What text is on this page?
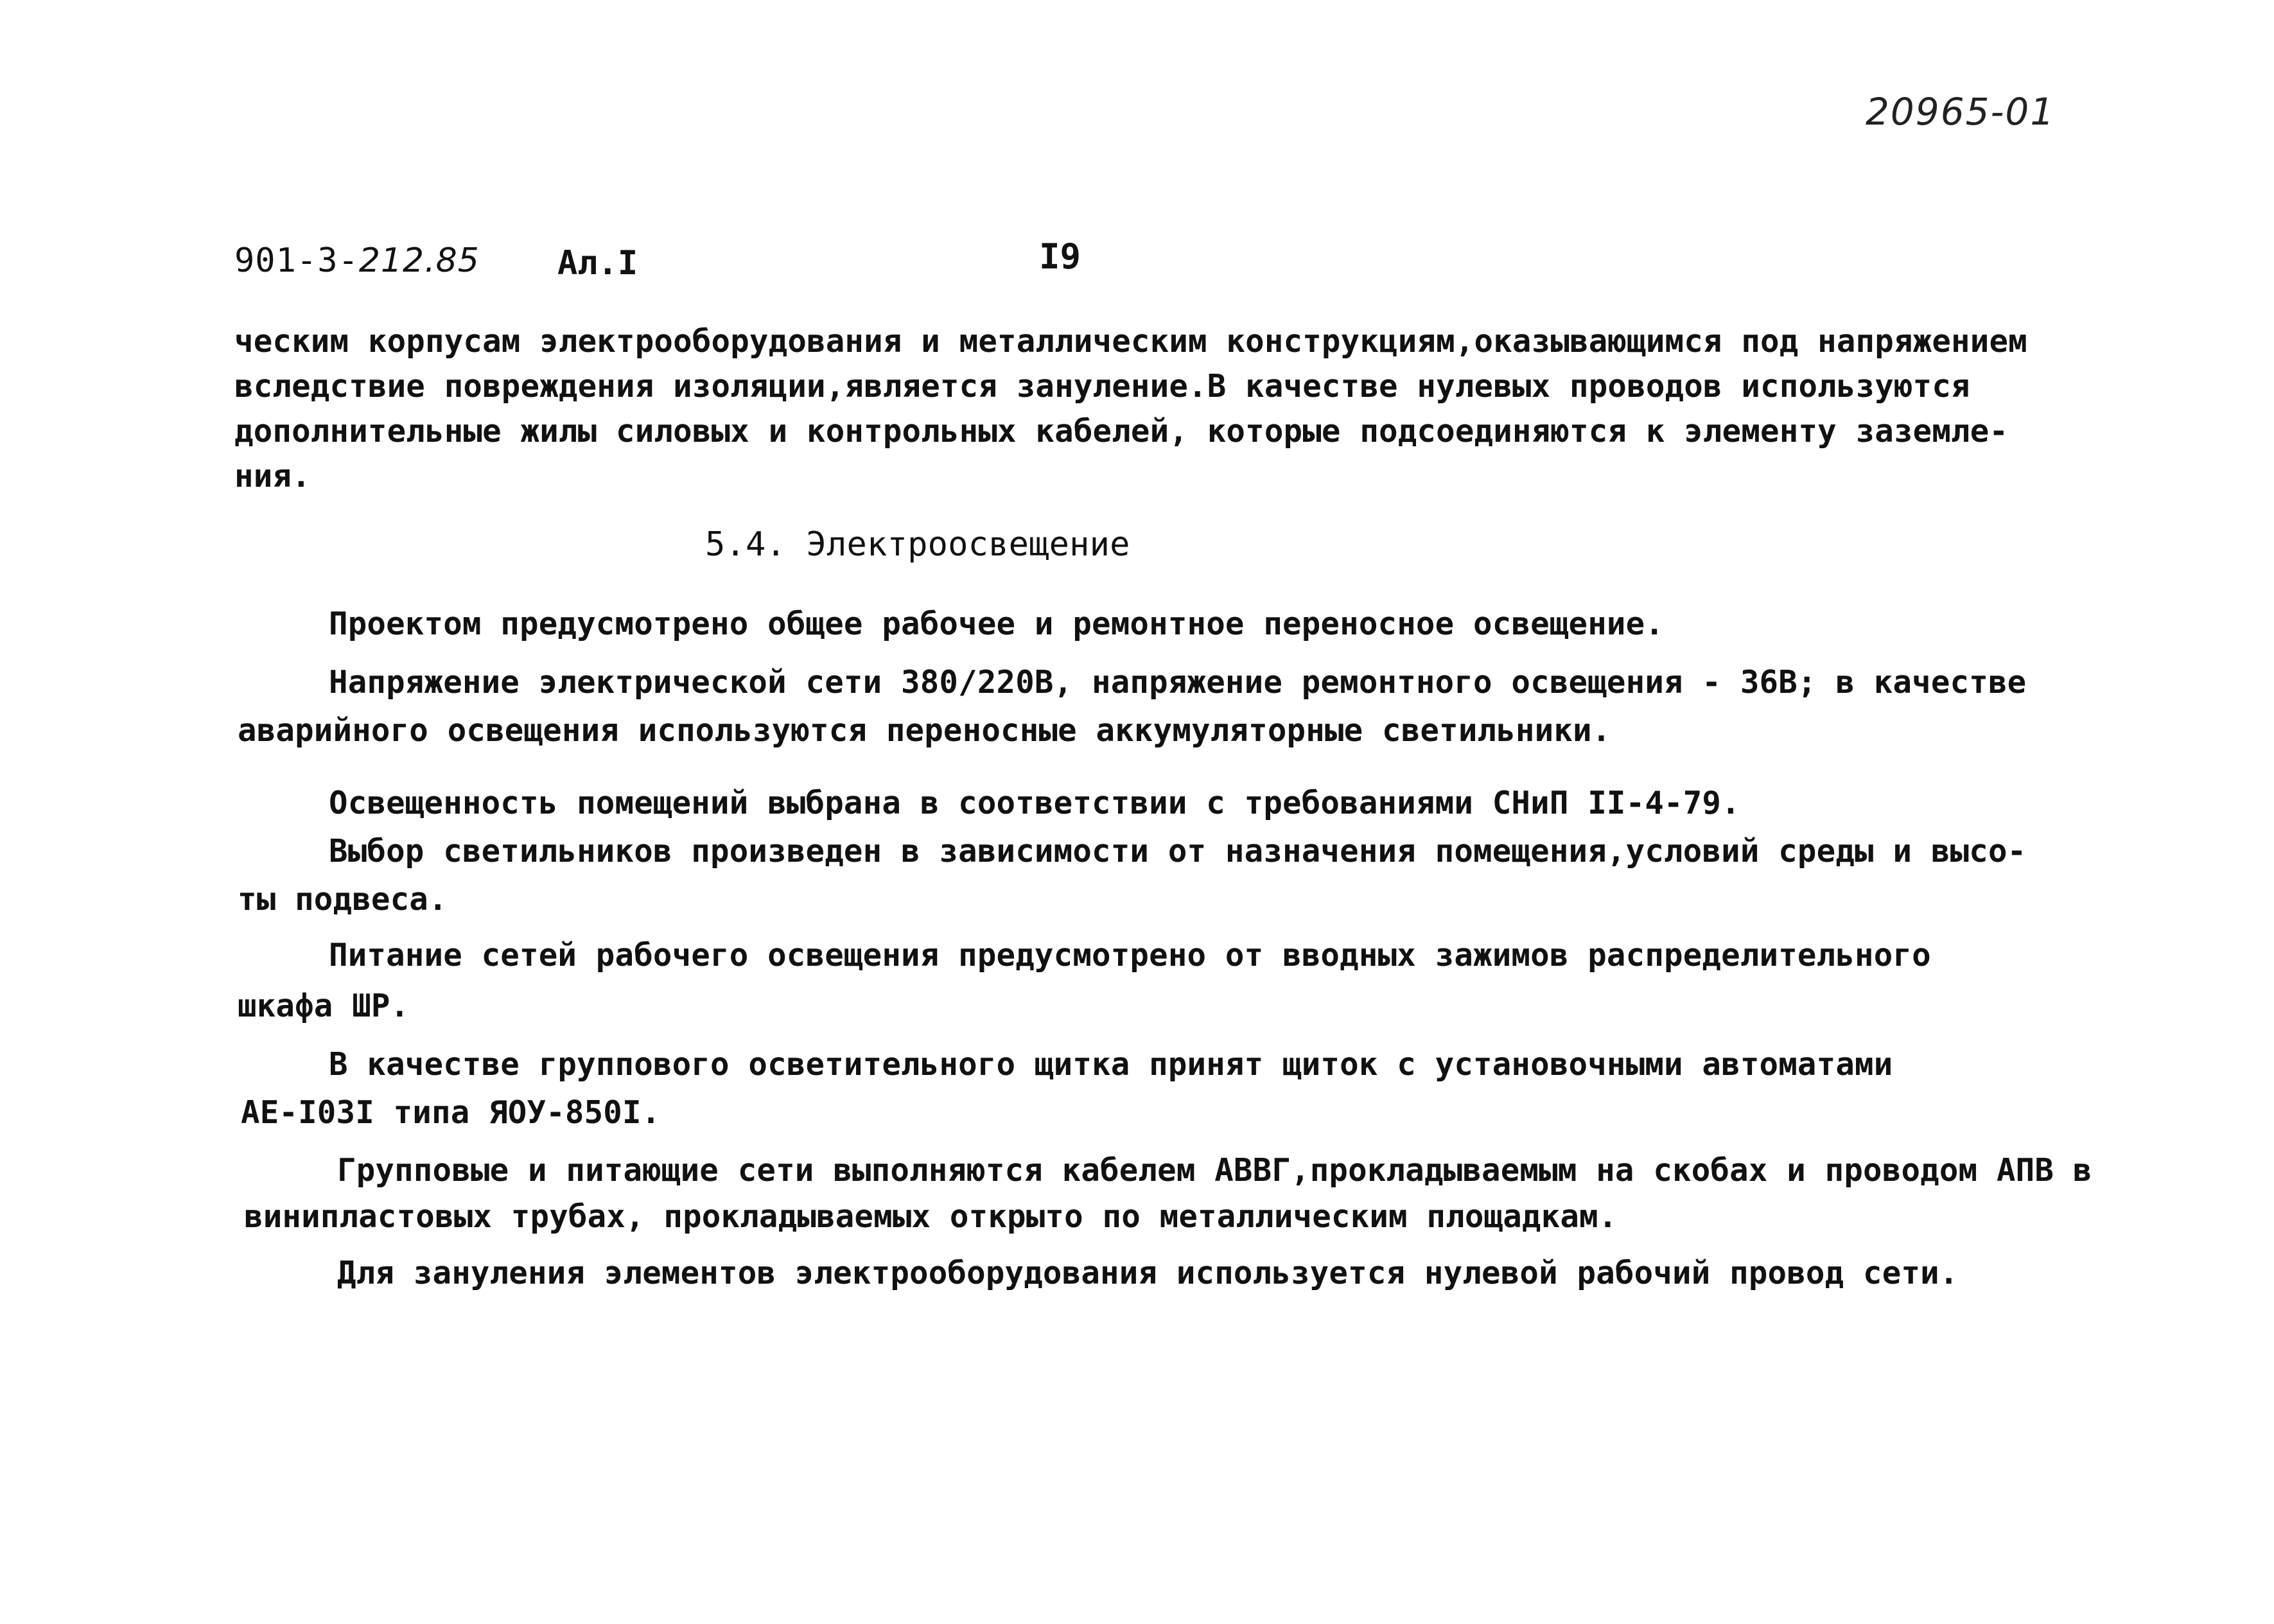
20965-01
901-3-212.85 Ал.I	I9
ческим корпусам электрооборудования и металлическим конструкциям,оказывающимся под напряжением
вследствие повреждения изоляции,является зануление.В качестве нулевых проводов используются
дополнительные жилы силовых и контрольных кабелей, которые подсоединяются к элементу заземле-
ния.
5.4. Электроосвещение
Проектом предусмотрено общее рабочее и ремонтное переносное освещение.
Напряжение электрической сети 380/220В, напряжение ремонтного освещения - 36В; в качестве
аварийного освещения используются переносные аккумуляторные светильники.
Освещенность помещений выбрана в соответствии с требованиями СНиП II-4-79.
Выбор светильников произведен в зависимости от назначения помещения,условий среды и высо-
ты подвеса.
Питание сетей рабочего освещения предусмотрено от вводных зажимов распределительного
шкафа ШР.
В качестве группового осветительного щитка принят щиток с установочными автоматами
АЕ-I03I типа ЯОУ-850I.
Групповые и питающие сети выполняются кабелем АВВГ,прокладываемым на скобах и проводом АПВ в
винипластовых трубах, прокладываемых открыто по металлическим площадкам.
Для зануления элементов электрооборудования используется нулевой рабочий провод сети.
